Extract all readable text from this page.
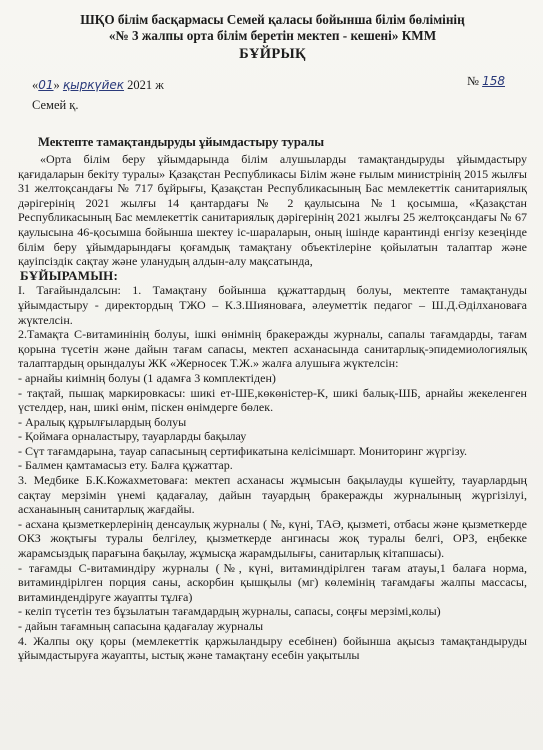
ШҚО білім басқармасы Семей қаласы бойынша білім бөлімінің
«№ 3 жалпы орта білім беретін мектеп - кешені» КММ
БҰЙРЫҚ
«01» қыркүйек 2021 ж	№ 158
Семей қ.
Мектепте тамақтандыруды ұйымдастыру туралы

«Орта білім беру ұйымдарында білім алушыларды тамақтандыруды ұйымдастыру қағидаларын бекіту туралы» Қазақстан Республикасы Білім және ғылым министрінің 2015 жылғы 31 желтоқсандағы № 717 бұйрығы, Қазақстан Республикасының Бас мемлекеттік санитариялық дәрігерінің 2021 жылғы 14 қантардағы№ 2 қаулысына №1 қосымша, «Қазақстан Республикасының Бас мемлекеттік санитариялық дәрігерінің 2021 жылғы 25 желтоқсандағы № 67 қаулысына 46-қосымша бойынша шектеу іс-шараларын, оның ішінде карантинді енгізу кезеңінде білім беру ұйымдарындағы қоғамдық тамақтану объектілеріне қойылатын талаптар және қауіпсіздік сақтау және уланудың алдын-алу мақсатында,

БҰЙЫРАМЫН:

I. Тағайындалсын: 1. Тамақтану бойынша құжаттардың болуы, мектепте тамақтануды ұйымдастыру - директордың ТЖО – К.З.Шияновағa, әлеуметтік педагог – Ш.Д.Әділхановаға жүктелсін.

2.Тамақта С-витаминінің болуы, ішкі өнімнің бракеражды журналы, сапалы тағамдарды, тағам қорына түсетін және дайын тағам сапасы, мектеп асханасында санитарлық-эпидемиологиялық талаптардың орындалуы ЖК «Жерносек Т.Ж.» жалға алушыға жүктелсін:

- арнайы киімнің болуы (1 адамға 3 комплектіден)

- тақтай, пышақ маркировкасы: шикі ет-ШЕ,көкөністер-К, шикі балық-ШБ, арнайы жекеленген үстелдер, нан, шикі өнім, піскен өнімдерге бөлек.

- Аралық құрылғылардың болуы

- Қоймаға орналастыру, тауарларды бақылау

- Сүт тағамдарына, тауар сапасының сертификатына келісімшарт. Мониторинг жүргізу.

- Балмен қамтамасыз ету. Балға құжаттар.

3. Медбике Б.К.Кожахметоваға: мектеп асханасы жұмысын бақылауды күшейту, тауарлардың сақтау мерзімін үнемі қадағалау, дайын тауардың бракеражды журналының жүргізілуі, асханаының санитарлық жағдайы.

- асхана қызметкерлерінің денсаулық журналы ( №, күні, ТАӘ, қызметі, отбасы және қызметкерде ОКЗ жоқтығы туралы белгілеу, қызметкерде ангинасы жоқ туралы белгі, ОРЗ, еңбекке жарамсыздық парағына бақылау, жұмысқа жарамдылығы, санитарлық кітапшасы).

- тағамды С-витаминдіру журналы (№, күні, витаминдірілген тағам атауы,1 балаға норма, витаминдірілген порция саны, аскорбин қышқылы (мг) көлемінің тағамдағы жалпы массасы, витаминдендіруге жауапты тұлға)

- келіп түсетін тез бұзылатын тағамдардың журналы, сапасы, соңғы мерзімі,колы)

- дайын тағамның сапасына қадағалау журналы

4. Жалпы оқу қоры (мемлекеттік қаржыландыру есебінен) бойынша ақысыз тамақтандыруды ұйымдастыруға жауапты, ыстық және тамақтану есебін уақытылы
